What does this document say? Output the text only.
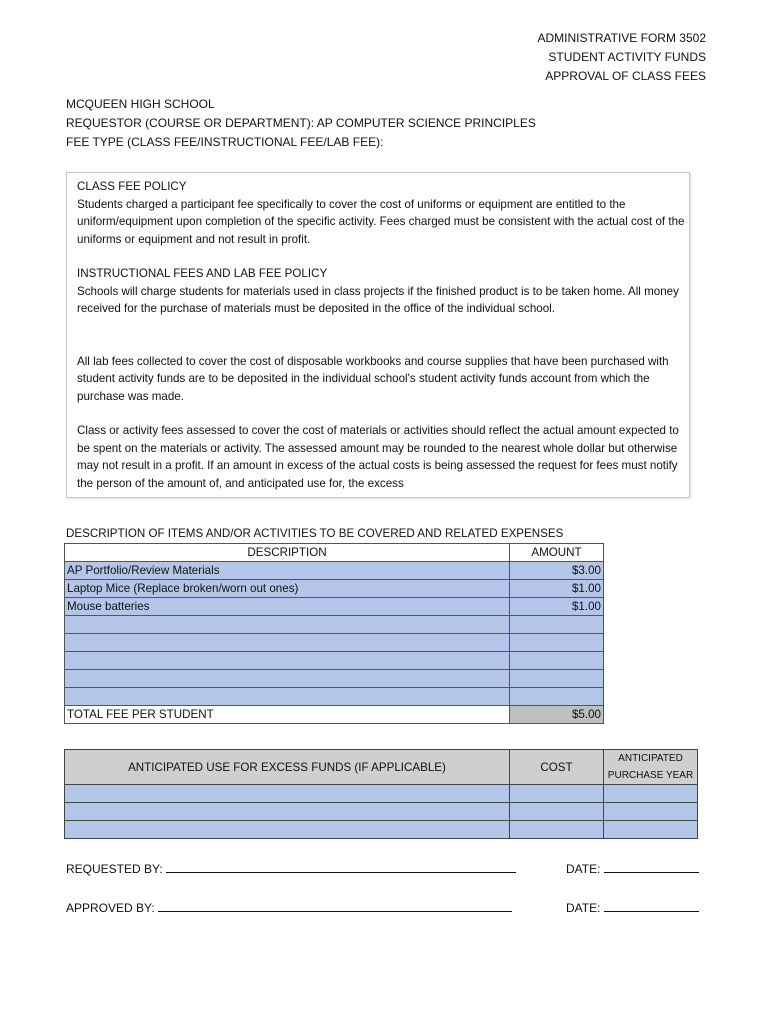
ADMINISTRATIVE FORM 3502
STUDENT ACTIVITY FUNDS
APPROVAL OF CLASS FEES
MCQUEEN HIGH SCHOOL
REQUESTOR (COURSE OR DEPARTMENT): AP COMPUTER SCIENCE PRINCIPLES
FEE TYPE (CLASS FEE/INSTRUCTIONAL FEE/LAB FEE):

CLASS FEE POLICY

Students charged a participant fee specifically to cover the cost of uniforms or equipment are entitled to the uniform/equipment upon completion of the specific activity. Fees charged must be consistent with the actual cost of the uniforms or equipment and not result in profit.

INSTRUCTIONAL FEES AND LAB FEE POLICY

Schools will charge students for materials used in class projects if the finished product is to be taken home. All money received for the purchase of materials must be deposited in the office of the individual school.

All lab fees collected to cover the cost of disposable workbooks and course supplies that have been purchased with student activity funds are to be deposited in the individual school's student activity funds account from which the purchase was made.

Class or activity fees assessed to cover the cost of materials or activities should reflect the actual amount expected to be spent on the materials or activity. The assessed amount may be rounded to the nearest whole dollar but otherwise may not result in a profit. If an amount in excess of the actual costs is being assessed the request for fees must notify the person of the amount of, and anticipated use for, the excess

DESCRIPTION OF ITEMS AND/OR ACTIVITIES TO BE COVERED AND RELATED EXPENSES
DESCRIPTION	AMOUNT
AP Portfolio/Review Materials	$3.00
Laptop Mice (Replace broken/worn out ones)	$1.00
Mouse batteries	$1.00

TOTAL FEE PER STUDENT	$5.00
ANTICIPATED USE FOR EXCESS FUNDS (IF APPLICABLE)	COST	ANTICIPATED
PURCHASE YEAR

REQUESTED BY:	DATE:
APPROVED BY:	DATE:
